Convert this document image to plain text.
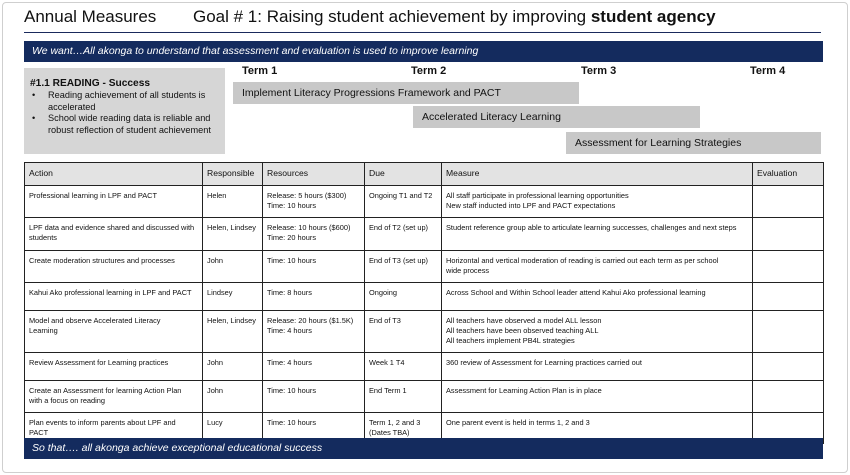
Annual Measures Goal # 1: Raising student achievement by improving student agency
We want…All akonga to understand that assessment and evaluation is used to improve learning
#1.1 READING - Success
• Reading achievement of all students is accelerated
• School wide reading data is reliable and robust reflection of student achievement
Term 1	Term 2	Term 3	Term 4
Implement Literacy Progressions Framework and PACT
Accelerated Literacy Learning
Assessment for Learning Strategies
Action	Responsible	Resources	Due	Measure	Evaluation

Professional learning in LPF and PACT	Helen	Release: 5 hours ($300)
Time: 10 hours	Ongoing T1 and T2	All staff participate in professional learning opportunities
New staff inducted into LPF and PACT expectations	

LPF data and evidence shared and discussed with
students	Helen, Lindsey	Release: 10 hours ($600)
Time: 20 hours	End of T2 (set up)	Student reference group able to articulate learning successes, challenges and next steps	

Create moderation structures and processes	John	Time: 10 hours	End of T3 (set up)	Horizontal and vertical moderation of reading is carried out each term as per school
wide process	

Kahui Ako professional learning in LPF and PACT	Lindsey	Time: 8 hours	Ongoing	Across School and Within School leader attend Kahui Ako professional learning	

Model and observe Accelerated Literacy
Learning	Helen, Lindsey	Release: 20 hours ($1.5K)
Time: 4 hours	End of T3	All teachers have observed a model ALL lesson
All teachers have been observed teaching ALL
All teachers implement PB4L strategies	

Review Assessment for Learning practices	John	Time: 4 hours	Week 1 T4	360 review of Assessment for Learning practices carried out	

Create an Assessment for learning Action Plan
with a focus on reading	John	Time: 10 hours	End Term 1	Assessment for Learning Action Plan is in place	

Plan events to inform parents about LPF and
PACT	Lucy	Time: 10 hours	Term 1, 2 and 3
(Dates TBA)	One parent event is held in terms 1, 2 and 3	

So that…. all akonga achieve exceptional educational success
